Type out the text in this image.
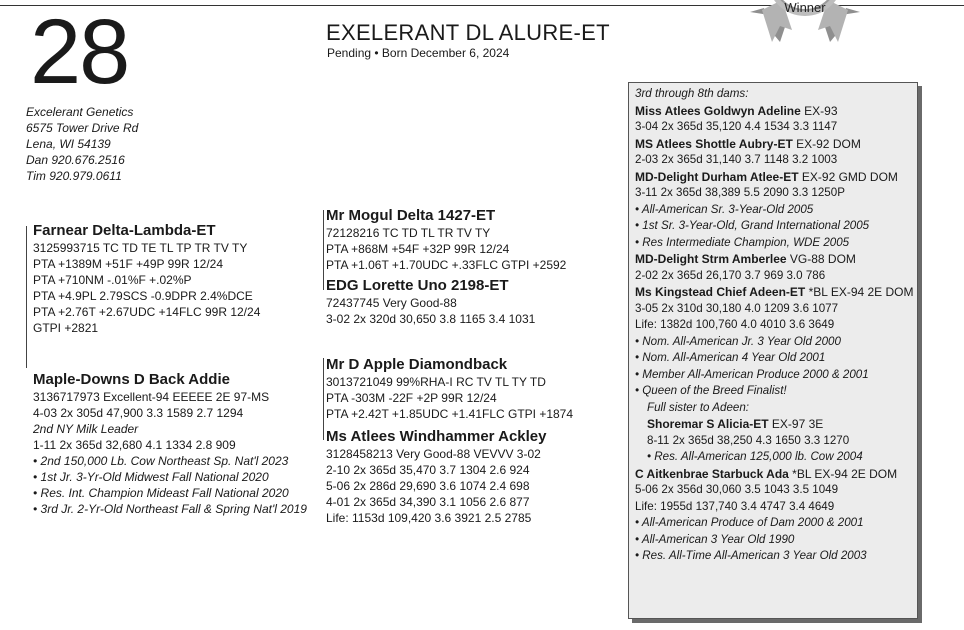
Winner
28
Excelerant Genetics
6575 Tower Drive Rd
Lena, WI 54139
Dan 920.676.2516
Tim 920.979.0611
EXELERANT DL ALURE-ET
Pending • Born December 6, 2024
Farnear Delta-Lambda-ET
3125993715 TC TD TE TL TP TR TV TY
PTA +1389M +51F +49P 99R 12/24
PTA +710NM -.01%F +.02%P
PTA +4.9PL 2.79SCS -0.9DPR 2.4%DCE
PTA +2.76T +2.67UDC +14FLC 99R 12/24
GTPI +2821
Maple-Downs D Back Addie
3136717973 Excellent-94 EEEEE 2E 97-MS
4-03 2x 305d 47,900 3.3 1589 2.7 1294
2nd NY Milk Leader
1-11 2x 365d 32,680 4.1 1334 2.8 909
• 2nd 150,000 Lb. Cow Northeast Sp. Nat'l 2023
• 1st Jr. 3-Yr-Old Midwest Fall National 2020
• Res. Int. Champion Mideast Fall National 2020
• 3rd Jr. 2-Yr-Old Northeast Fall & Spring Nat'l 2019
Mr Mogul Delta 1427-ET
72128216 TC TD TL TR TV TY
PTA +868M +54F +32P 99R 12/24
PTA +1.06T +1.70UDC +.33FLC GTPI +2592
EDG Lorette Uno 2198-ET
72437745 Very Good-88
3-02 2x 320d 30,650 3.8 1165 3.4 1031
Mr D Apple Diamondback
3013721049 99%RHA-I RC TV TL TY TD
PTA -303M -22F +2P 99R 12/24
PTA +2.42T +1.85UDC +1.41FLC GTPI +1874
Ms Atlees Windhammer Ackley
3128458213 Very Good-88 VEVVV 3-02
2-10 2x 365d 35,470 3.7 1304 2.6 924
5-06 2x 286d 29,690 3.6 1074 2.4 698
4-01 2x 365d 34,390 3.1 1056 2.6 877
Life: 1153d 109,420 3.6 3921 2.5 2785
3rd through 8th dams:
Miss Atlees Goldwyn Adeline EX-93
3-04 2x 365d 35,120 4.4 1534 3.3 1147
MS Atlees Shottle Aubry-ET EX-92 DOM
2-03 2x 365d 31,140 3.7 1148 3.2 1003
MD-Delight Durham Atlee-ET EX-92 GMD DOM
3-11 2x 365d 38,389 5.5 2090 3.3 1250P
• All-American Sr. 3-Year-Old 2005
• 1st Sr. 3-Year-Old, Grand International 2005
• Res Intermediate Champion, WDE 2005
MD-Delight Strm Amberlee VG-88 DOM
2-02 2x 365d 26,170 3.7 969 3.0 786
Ms Kingstead Chief Adeen-ET *BL EX-94 2E DOM
3-05 2x 310d 30,180 4.0 1209 3.6 1077
Life: 1382d 100,760 4.0 4010 3.6 3649
• Nom. All-American Jr. 3 Year Old 2000
• Nom. All-American 4 Year Old 2001
• Member All-American Produce 2000 & 2001
• Queen of the Breed Finalist!
Full sister to Adeen:
Shoremar S Alicia-ET EX-97 3E
8-11 2x 365d 38,250 4.3 1650 3.3 1270
• Res. All-American 125,000 lb. Cow 2004
C Aitkenbrae Starbuck Ada *BL EX-94 2E DOM
5-06 2x 356d 30,060 3.5 1043 3.5 1049
Life: 1955d 137,740 3.4 4747 3.4 4649
• All-American Produce of Dam 2000 & 2001
• All-American 3 Year Old 1990
• Res. All-Time All-American 3 Year Old 2003
